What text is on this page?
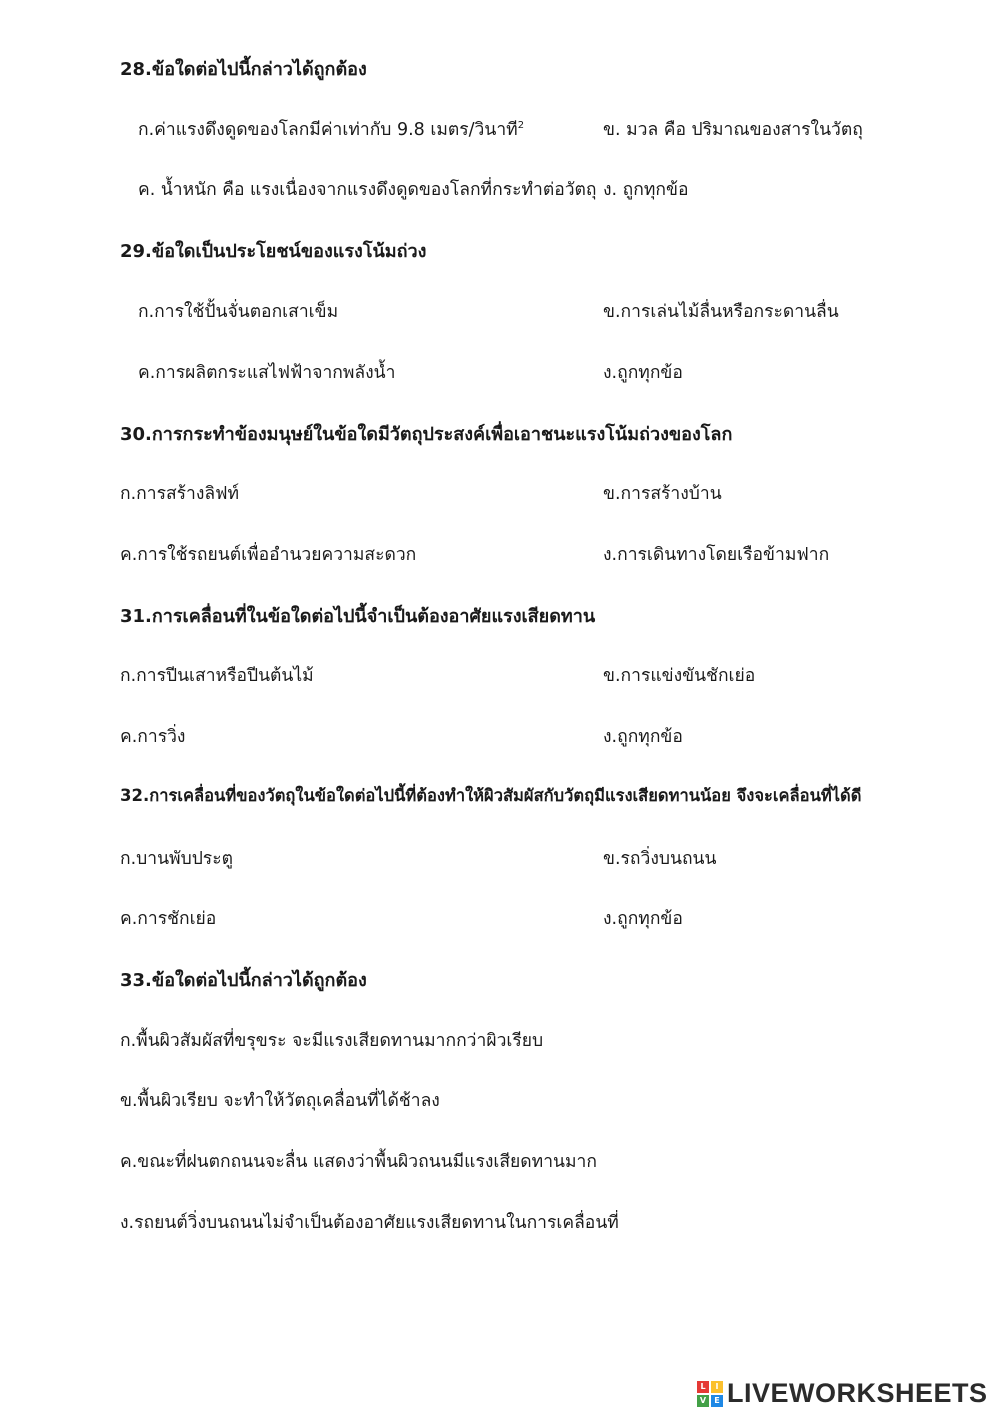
28.ข้อใดต่อไปนี้กล่าวได้ถูกต้อง
ก.ค่าแรงดึงดูดของโลกมีค่าเท่ากับ 9.8 เมตร/วินาที$^2$	ข. มวล คือ ปริมาณของสารในวัตถุ
ค. น้ำหนัก คือ แรงเนื่องจากแรงดึงดูดของโลกที่กระทำต่อวัตถุ ง. ถูกทุกข้อ
29.ข้อใดเป็นประโยชน์ของแรงโน้มถ่วง
ก.การใช้ปั้นจั่นตอกเสาเข็ม	ข.การเล่นไม้ลื่นหรือกระดานลื่น
ค.การผลิตกระแสไฟฟ้าจากพลังน้ำ	ง.ถูกทุกข้อ
30.การกระทำข้องมนุษย์ในข้อใดมีวัตถุประสงค์เพื่อเอาชนะแรงโน้มถ่วงของโลก
ก.การสร้างลิฟท์	ข.การสร้างบ้าน
ค.การใช้รถยนต์เพื่ออำนวยความสะดวก	ง.การเดินทางโดยเรือข้ามฟาก
31.การเคลื่อนที่ในข้อใดต่อไปนี้จำเป็นต้องอาศัยแรงเสียดทาน
ก.การปีนเสาหรือปีนต้นไม้	ข.การแข่งขันชักเย่อ
ค.การวิ่ง	ง.ถูกทุกข้อ
32.การเคลื่อนที่ของวัตถุในข้อใดต่อไปนี้ที่ต้องทำให้ผิวสัมผัสกับวัตถุมีแรงเสียดทานน้อย จึงจะเคลื่อนที่ได้ดี
ก.บานพับประตู	ข.รถวิ่งบนถนน
ค.การชักเย่อ	ง.ถูกทุกข้อ
33.ข้อใดต่อไปนี้กล่าวได้ถูกต้อง
ก.พื้นผิวสัมผัสที่ขรุขระ จะมีแรงเสียดทานมากกว่าผิวเรียบ
ข.พื้นผิวเรียบ จะทำให้วัตถุเคลื่อนที่ได้ช้าลง
ค.ขณะที่ฝนตกถนนจะลื่น แสดงว่าพื้นผิวถนนมีแรงเสียดทานมาก
ง.รถยนต์วิ่งบนถนนไม่จำเป็นต้องอาศัยแรงเสียดทานในการเคลื่อนที่
L	I
V	E LIVEWORKSHEETS
